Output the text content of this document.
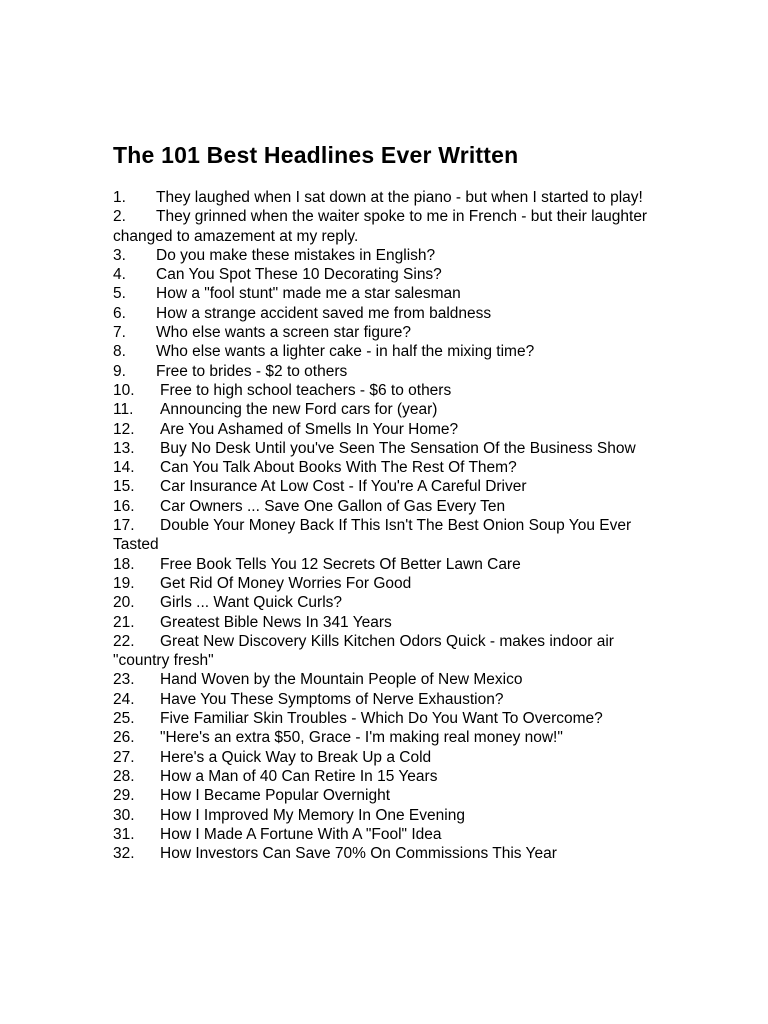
The 101 Best Headlines Ever Written
1. They laughed when I sat down at the piano - but when I started to play!
2. They grinned when the waiter spoke to me in French - but their laughter changed to amazement at my reply.
3. Do you make these mistakes in English?
4. Can You Spot These 10 Decorating Sins?
5. How a "fool stunt" made me a star salesman
6. How a strange accident saved me from baldness
7. Who else wants a screen star figure?
8. Who else wants a lighter cake - in half the mixing time?
9. Free to brides - $2 to others
10. Free to high school teachers - $6 to others
11. Announcing the new Ford cars for (year)
12. Are You Ashamed of Smells In Your Home?
13. Buy No Desk Until you've Seen The Sensation Of the Business Show
14. Can You Talk About Books With The Rest Of Them?
15. Car Insurance At Low Cost - If You're A Careful Driver
16. Car Owners ... Save One Gallon of Gas Every Ten
17. Double Your Money Back If This Isn't The Best Onion Soup You Ever Tasted
18. Free Book Tells You 12 Secrets Of Better Lawn Care
19. Get Rid Of Money Worries For Good
20. Girls ... Want Quick Curls?
21. Greatest Bible News In 341 Years
22. Great New Discovery Kills Kitchen Odors Quick - makes indoor air "country fresh"
23. Hand Woven by the Mountain People of New Mexico
24. Have You These Symptoms of Nerve Exhaustion?
25. Five Familiar Skin Troubles - Which Do You Want To Overcome?
26. "Here's an extra $50, Grace - I'm making real money now!"
27. Here's a Quick Way to Break Up a Cold
28. How a Man of 40 Can Retire In 15 Years
29. How I Became Popular Overnight
30. How I Improved My Memory In One Evening
31. How I Made A Fortune With A "Fool" Idea
32. How Investors Can Save 70% On Commissions This Year
